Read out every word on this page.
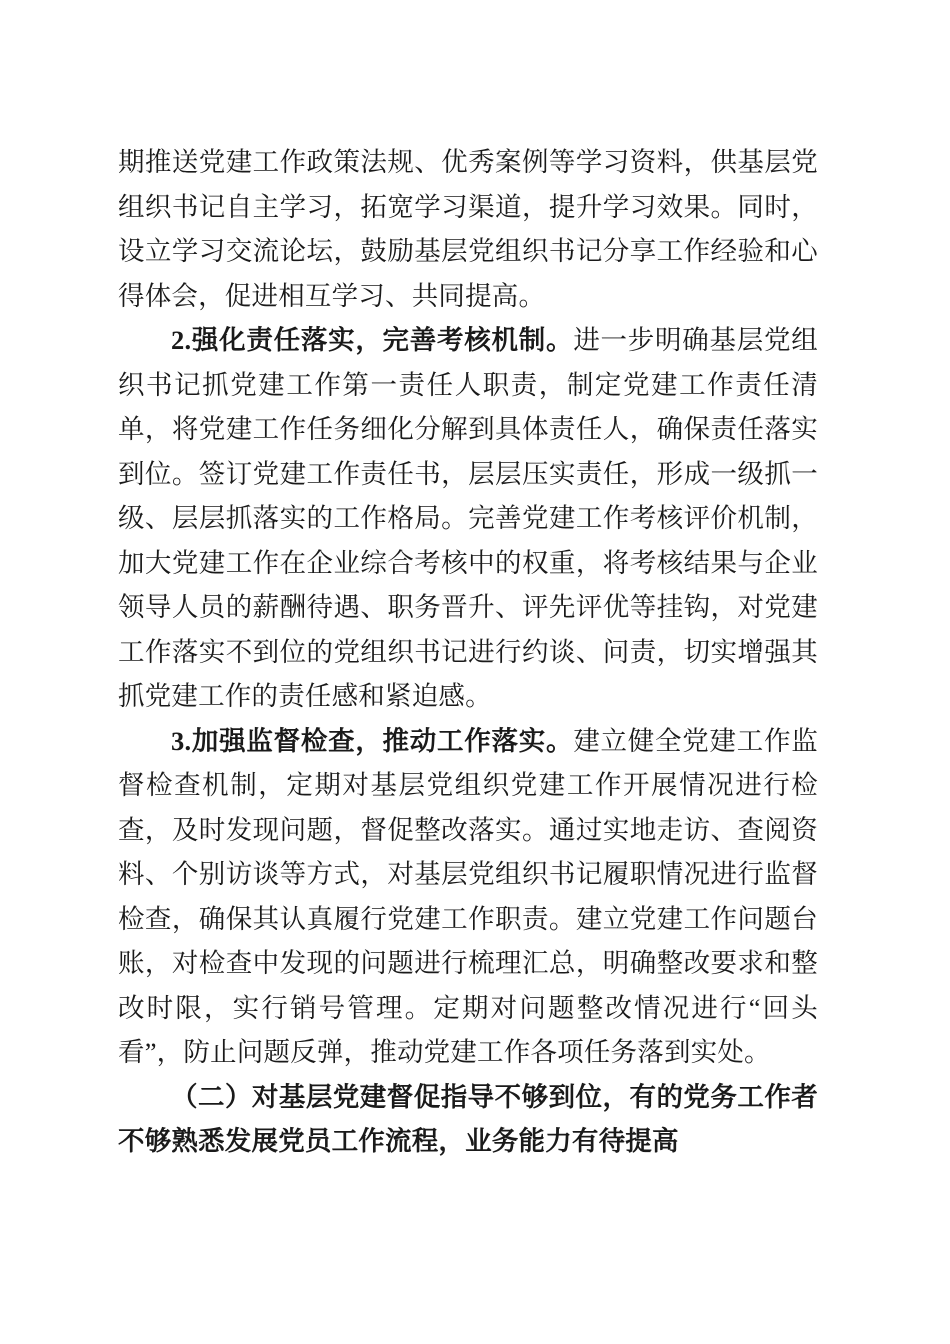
期推送党建工作政策法规、优秀案例等学习资料，供基层党组织书记自主学习，拓宽学习渠道，提升学习效果。同时，设立学习交流论坛，鼓励基层党组织书记分享工作经验和心得体会，促进相互学习、共同提高。

2.强化责任落实，完善考核机制。进一步明确基层党组织书记抓党建工作第一责任人职责，制定党建工作责任清单，将党建工作任务细化分解到具体责任人，确保责任落实到位。签订党建工作责任书，层层压实责任，形成一级抓一级、层层抓落实的工作格局。完善党建工作考核评价机制，加大党建工作在企业综合考核中的权重，将考核结果与企业领导人员的薪酬待遇、职务晋升、评先评优等挂钩，对党建工作落实不到位的党组织书记进行约谈、问责，切实增强其抓党建工作的责任感和紧迫感。

3.加强监督检查，推动工作落实。建立健全党建工作监督检查机制，定期对基层党组织党建工作开展情况进行检查，及时发现问题，督促整改落实。通过实地走访、查阅资料、个别访谈等方式，对基层党组织书记履职情况进行监督检查，确保其认真履行党建工作职责。建立党建工作问题台账，对检查中发现的问题进行梳理汇总，明确整改要求和整改时限，实行销号管理。定期对问题整改情况进行“回头看”，防止问题反弹，推动党建工作各项任务落到实处。

（二）对基层党建督促指导不够到位，有的党务工作者不够熟悉发展党员工作流程，业务能力有待提高
